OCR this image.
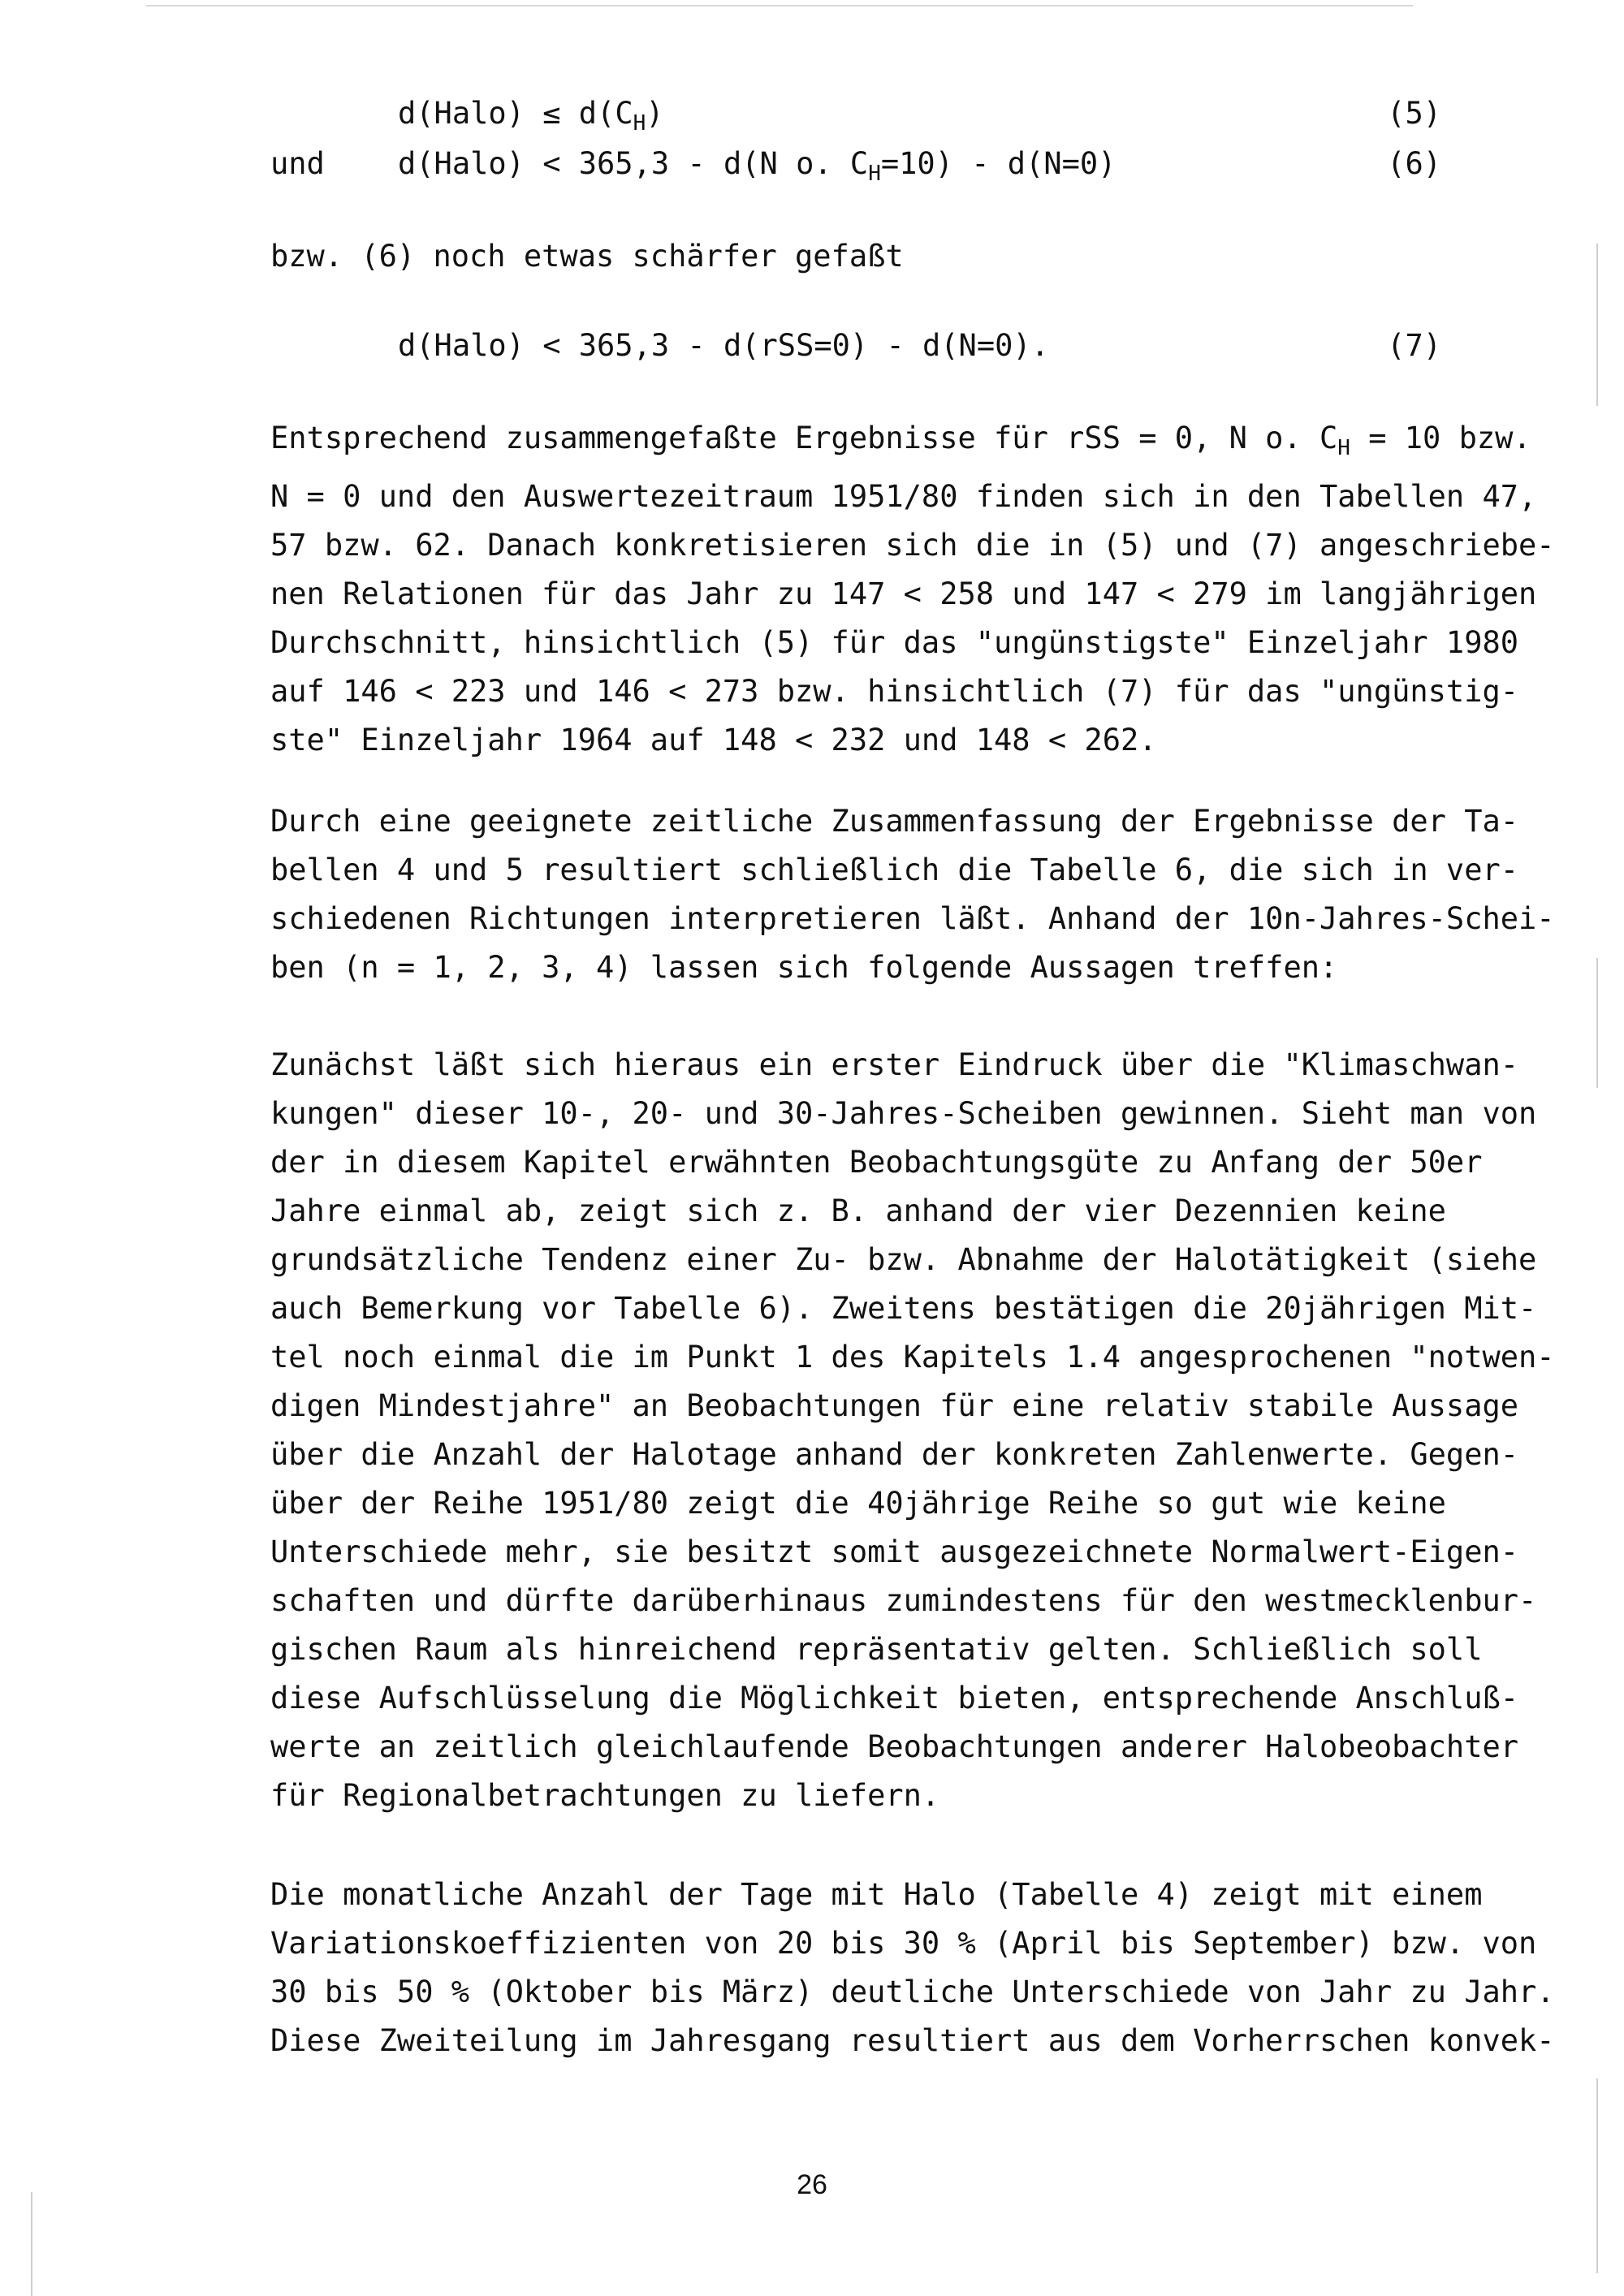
d(Halo) ≤ $d(C_H)$	(5)
und d(Halo) < 365,3 - d(N o. $C_H=10) - d(N=0)$	(6)
bzw. (6) noch etwas schärfer gefaßt
d(Halo) < 365,3 - d(rSS=0) - d(N=0).	(7)
Entsprechend zusammengefaßte Ergebnisse für rSS = 0, N o. $C_H = 10$ bzw.
N = 0 und den Auswertezeitraum 1951/80 finden sich in den Tabellen 47,
57 bzw. 62. Danach konkretisieren sich die in (5) und (7) angeschriebe-
nen Relationen für das Jahr zu 147 < 258 und 147 < 279 im langjährigen
Durchschnitt, hinsichtlich (5) für das "ungünstigste" Einzeljahr 1980
auf 146 < 223 und 146 < 273 bzw. hinsichtlich (7) für das "ungünstig-
ste" Einzeljahr 1964 auf 148 < 232 und 148 < 262.
Durch eine geeignete zeitliche Zusammenfassung der Ergebnisse der Ta-
bellen 4 und 5 resultiert schließlich die Tabelle 6, die sich in ver-
schiedenen Richtungen interpretieren läßt. Anhand der 10n-Jahres-Schei-
ben (n = 1, 2, 3, 4) lassen sich folgende Aussagen treffen:
Zunächst läßt sich hieraus ein erster Eindruck über die "Klimaschwan-
kungen" dieser 10-, 20- und 30-Jahres-Scheiben gewinnen. Sieht man von
der in diesem Kapitel erwähnten Beobachtungsgüte zu Anfang der 50er
Jahre einmal ab, zeigt sich z. B. anhand der vier Dezennien keine
grundsätzliche Tendenz einer Zu- bzw. Abnahme der Halotätigkeit (siehe
auch Bemerkung vor Tabelle 6). Zweitens bestätigen die 20jährigen Mit-
tel noch einmal die im Punkt 1 des Kapitels 1.4 angesprochenen "notwen-
digen Mindestjahre" an Beobachtungen für eine relativ stabile Aussage
über die Anzahl der Halotage anhand der konkreten Zahlenwerte. Gegen-
über der Reihe 1951/80 zeigt die 40jährige Reihe so gut wie keine
Unterschiede mehr, sie besitzt somit ausgezeichnete Normalwert-Eigen-
schaften und dürfte darüberhinaus zumindestens für den westmecklenbur-
gischen Raum als hinreichend repräsentativ gelten. Schließlich soll
diese Aufschlüsselung die Möglichkeit bieten, entsprechende Anschluß-
werte an zeitlich gleichlaufende Beobachtungen anderer Halobeobachter
für Regionalbetrachtungen zu liefern.
Die monatliche Anzahl der Tage mit Halo (Tabelle 4) zeigt mit einem
Variationskoeffizienten von 20 bis 30 % (April bis September) bzw. von
30 bis 50 % (Oktober bis März) deutliche Unterschiede von Jahr zu Jahr.
Diese Zweiteilung im Jahresgang resultiert aus dem Vorherrschen konvek-
26
